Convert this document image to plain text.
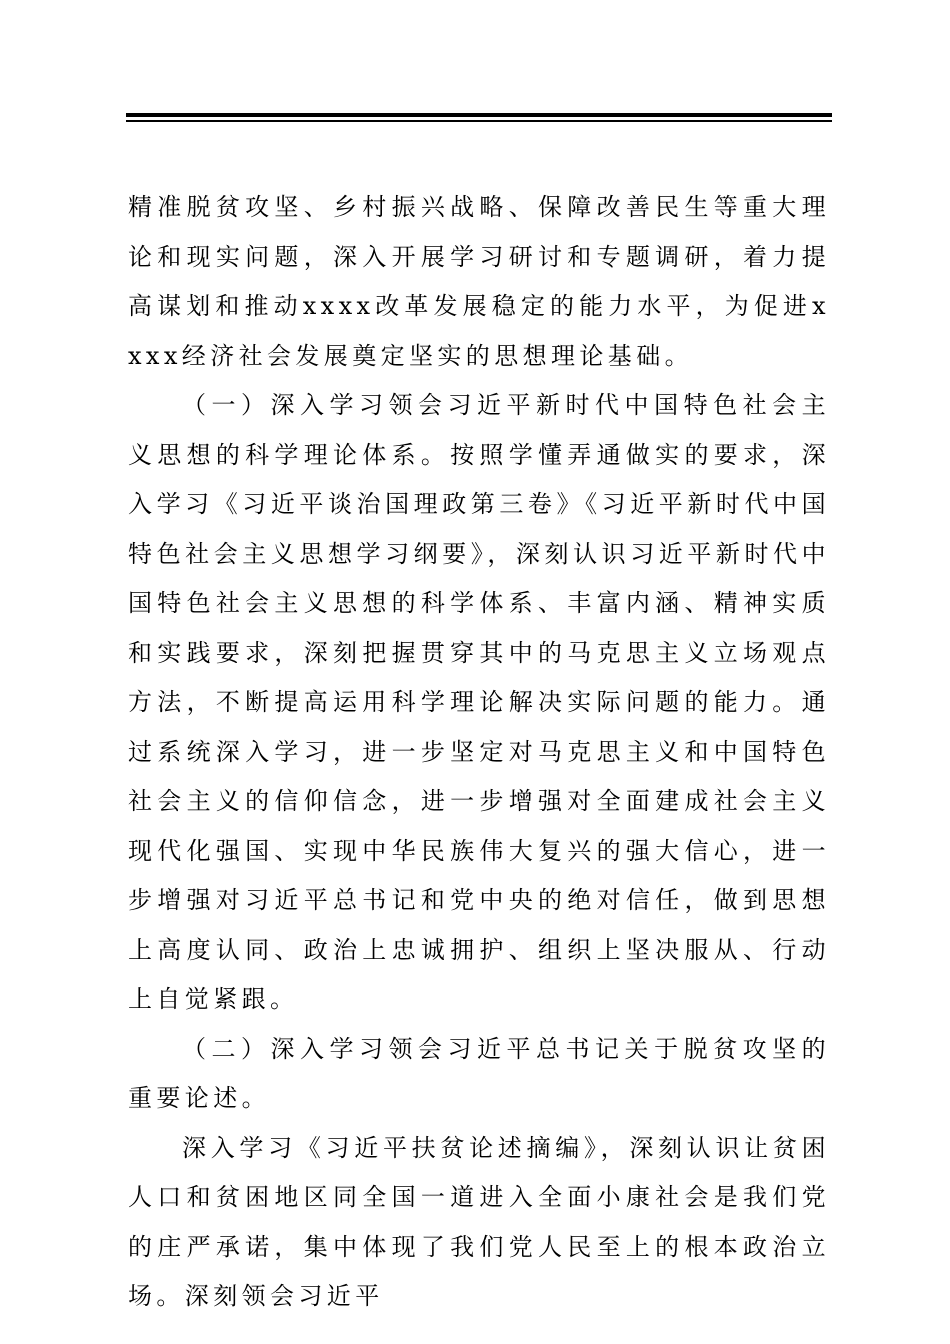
精准脱贫攻坚、乡村振兴战略、保障改善民生等重大理论和现实问题，深入开展学习研讨和专题调研，着力提高谋划和推动xxxx改革发展稳定的能力水平，为促进xxxx经济社会发展奠定坚实的思想理论基础。

（一）深入学习领会习近平新时代中国特色社会主义思想的科学理论体系。按照学懂弄通做实的要求，深入学习《习近平谈治国理政第三卷》《习近平新时代中国特色社会主义思想学习纲要》，深刻认识习近平新时代中国特色社会主义思想的科学体系、丰富内涵、精神实质和实践要求，深刻把握贯穿其中的马克思主义立场观点方法，不断提高运用科学理论解决实际问题的能力。通过系统深入学习，进一步坚定对马克思主义和中国特色社会主义的信仰信念，进一步增强对全面建成社会主义现代化强国、实现中华民族伟大复兴的强大信心，进一步增强对习近平总书记和党中央的绝对信任，做到思想上高度认同、政治上忠诚拥护、组织上坚决服从、行动上自觉紧跟。

（二）深入学习领会习近平总书记关于脱贫攻坚的重要论述。

深入学习《习近平扶贫论述摘编》，深刻认识让贫困人口和贫困地区同全国一道进入全面小康社会是我们党的庄严承诺，集中体现了我们党人民至上的根本政治立场。深刻领会习近平
